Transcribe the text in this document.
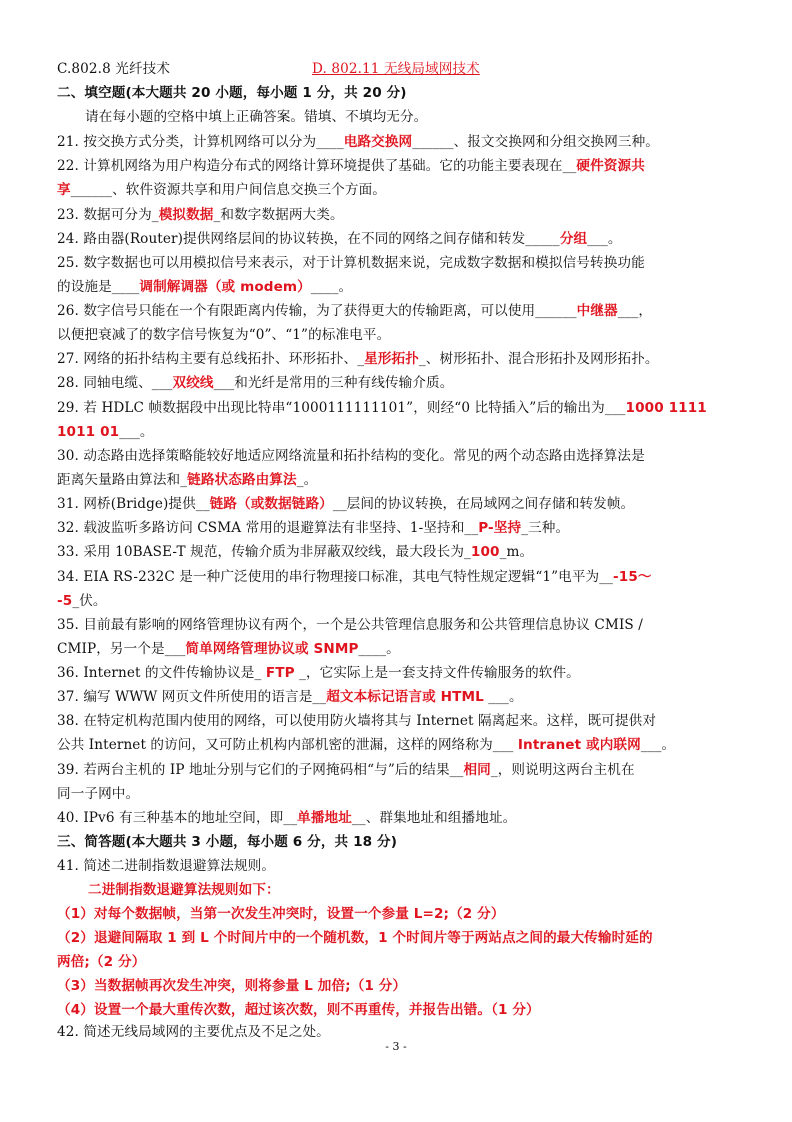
C.802.8 光纤技术	D. 802.11 无线局域网技术
二、填空题(本大题共 20 小题，每小题 1 分，共 20 分)
请在每小题的空格中填上正确答案。错填、不填均无分。
21. 按交换方式分类，计算机网络可以分为____电路交换网______、报文交换网和分组交换网三种。
22. 计算机网络为用户构造分布式的网络计算环境提供了基础。它的功能主要表现在__硬件资源共
享______、软件资源共享和用户间信息交换三个方面。
23. 数据可分为_模拟数据_和数字数据两大类。
24. 路由器(Router)提供网络层间的协议转换，在不同的网络之间存储和转发_____分组___。
25. 数字数据也可以用模拟信号来表示，对于计算机数据来说，完成数字数据和模拟信号转换功能
的设施是____调制解调器（或 modem）____。
26. 数字信号只能在一个有限距离内传输，为了获得更大的传输距离，可以使用______中继器___，
以便把衰减了的数字信号恢复为“0”、“1”的标准电平。
27. 网络的拓扑结构主要有总线拓扑、环形拓扑、_星形拓扑_、树形拓扑、混合形拓扑及网形拓扑。
28. 同轴电缆、___双绞线___和光纤是常用的三种有线传输介质。
29. 若 HDLC 帧数据段中出现比特串“1000111111101”，则经“0 比特插入”后的输出为___1000 1111
1011 01___。
30. 动态路由选择策略能较好地适应网络流量和拓扑结构的变化。常见的两个动态路由选择算法是
距离矢量路由算法和_链路状态路由算法_。
31. 网桥(Bridge)提供__链路（或数据链路）__层间的协议转换，在局域网之间存储和转发帧。
32. 载波监听多路访问 CSMA 常用的退避算法有非坚持、1-坚持和__P-坚持_三种。
33. 采用 10BASE-T 规范，传输介质为非屏蔽双绞线，最大段长为_100_m。
34. EIA RS-232C 是一种广泛使用的串行物理接口标准，其电气特性规定逻辑“1”电平为__-15～
-5_伏。
35. 目前最有影响的网络管理协议有两个，一个是公共管理信息服务和公共管理信息协议 CMIS /
CMIP，另一个是___简单网络管理协议或 SNMP____。
36. Internet 的文件传输协议是_ FTP _，它实际上是一套支持文件传输服务的软件。
37. 编写 WWW 网页文件所使用的语言是__超文本标记语言或 HTML ___。
38. 在特定机构范围内使用的网络，可以使用防火墙将其与 Internet 隔离起来。这样，既可提供对
公共 Internet 的访问，又可防止机构内部机密的泄漏，这样的网络称为___ Intranet 或内联网___。
39. 若两台主机的 IP 地址分别与它们的子网掩码相“与”后的结果__相同_，则说明这两台主机在
同一子网中。
40. IPv6 有三种基本的地址空间，即__单播地址__、群集地址和组播地址。
三、简答题(本大题共 3 小题，每小题 6 分，共 18 分)
41. 简述二进制指数退避算法规则。
二进制指数退避算法规则如下：
（1）对每个数据帧，当第一次发生冲突时，设置一个参量 L=2;（2 分）
（2）退避间隔取 1 到 L 个时间片中的一个随机数，1 个时间片等于两站点之间的最大传输时延的
两倍;（2 分）
（3）当数据帧再次发生冲突，则将参量 L 加倍;（1 分）
（4）设置一个最大重传次数，超过该次数，则不再重传，并报告出错。（1 分）
42. 简述无线局域网的主要优点及不足之处。
- 3 -
